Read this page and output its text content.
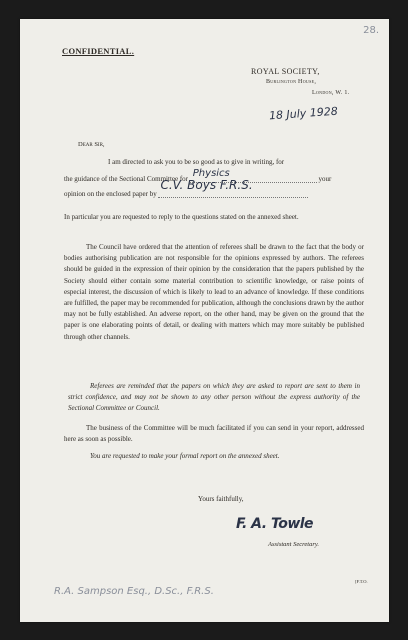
28.
CONFIDENTIAL.
ROYAL SOCIETY,
Burlington House,
London, W. 1.
18 July 1928
Dear Sir,
I am directed to ask you to be so good as to give in writing, for
the guidance of the Sectional Committee for Physics	your
opinion on the enclosed paper by
C.V. Boys F.R.S.
In particular you are requested to reply to the questions stated on the annexed sheet.
The Council have ordered that the attention of referees shall be drawn to the fact that the body or bodies authorising publication are not responsible for the opinions expressed by authors. The referees should be guided in the expression of their opinion by the consideration that the papers published by the Society should either contain some material contribution to scientific knowledge, or raise points of especial interest, the discussion of which is likely to lead to an advance of knowledge. If these conditions are fulfilled, the paper may be recommended for publication, although the conclusions drawn by the author may not be fully established. An adverse report, on the other hand, may be given on the ground that the paper is one elaborating points of detail, or dealing with matters which may more suitably be published through other channels.
Referees are reminded that the papers on which they are asked to report are sent to them in strict confidence, and may not be shown to any other person without the express authority of the Sectional Committee or Council.
The business of the Committee will be much facilitated if you can send in your report, addressed here as soon as possible.
You are requested to make your formal report on the annexed sheet.
Yours faithfully,
F. A. Towle
Assistant Secretary.
R.A. Sampson Esq., D.Sc., F.R.S.
[F.T.O.
